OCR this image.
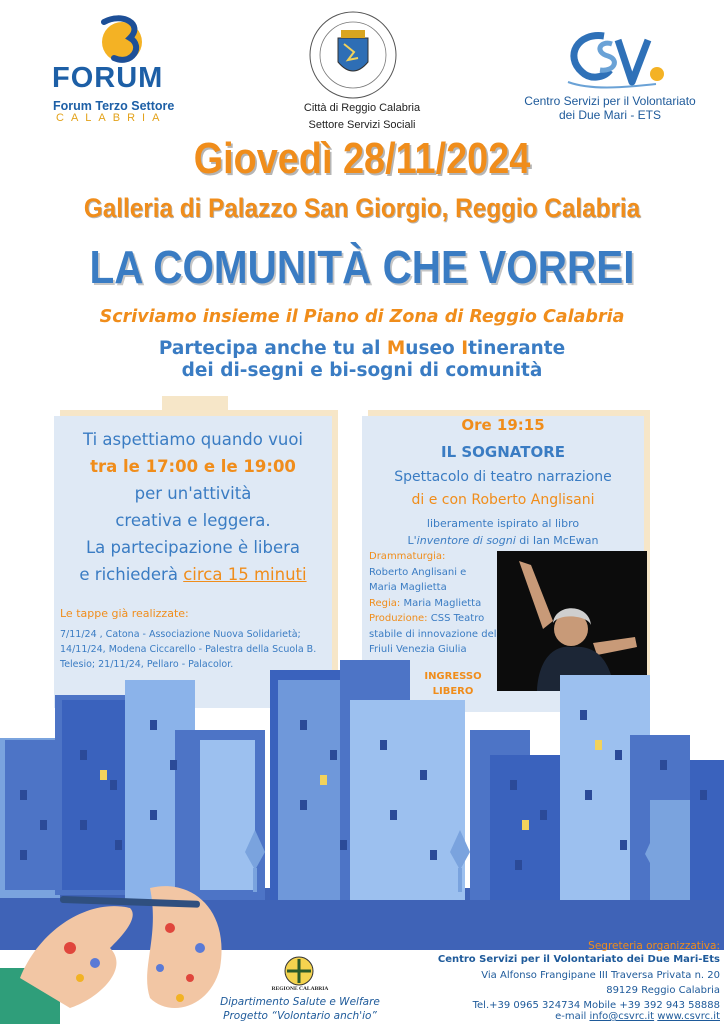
FORUM
Forum Terzo Settore
CALABRIA
Città di Reggio Calabria
Settore Servizi Sociali
Centro Servizi per il Volontariato
dei Due Mari - ETS
Giovedì 28/11/2024
Galleria di Palazzo San Giorgio, Reggio Calabria
LA COMUNITÀ CHE VORREI
Scriviamo insieme il Piano di Zona di Reggio Calabria
Partecipa anche tu al Museo Itinerante
dei di-segni e bi-sogni di comunità
Ti aspettiamo quando vuoi
tra le 17:00 e le 19:00
per un'attività
creativa e leggera.
La partecipazione è libera
e richiederà circa 15 minuti
Le tappe già realizzate:
7/11/24 , Catona - Associazione Nuova Solidarietà; 14/11/24, Modena Ciccarello - Palestra della Scuola B. Telesio; 21/11/24, Pellaro - Palacolor.
Ore 19:15
IL SOGNATORE
Spettacolo di teatro narrazione
di e con Roberto Anglisani
liberamente ispirato al libro
L'inventore di sogni di Ian McEwan
Drammaturgia:
Roberto Anglisani e Maria Maglietta
Regia: Maria Maglietta
Produzione: CSS Teatro stabile di innovazione del Friuli Venezia Giulia
INGRESSO
LIBERO
REGIONE CALABRIA
Dipartimento Salute e Welfare
Progetto “Volontario anch'io”
Segreteria organizzativa:
Centro Servizi per il Volontariato dei Due Mari-Ets
Via Alfonso Frangipane III Traversa Privata n. 20
89129 Reggio Calabria
Tel.+39 0965 324734 Mobile +39 392 943 58888
e-mail info@csvrc.it www.csvrc.it
